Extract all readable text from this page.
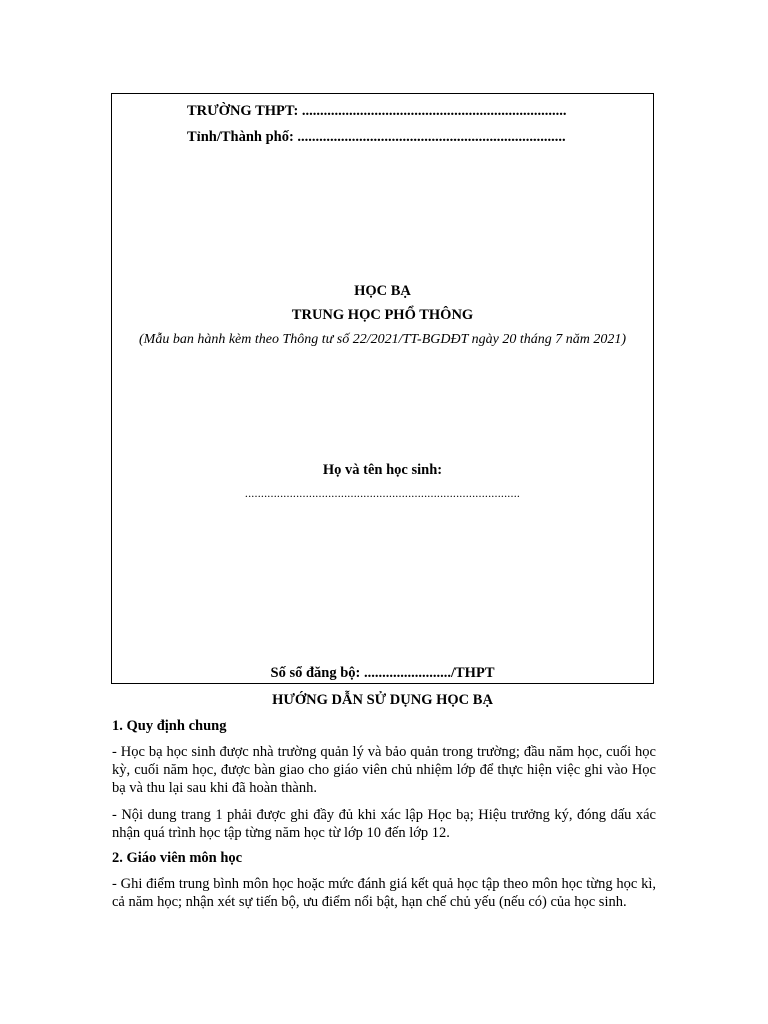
TRƯỜNG THPT: .........................................................................
Tỉnh/Thành phố: ..........................................................................
HỌC BẠ
TRUNG HỌC PHỔ THÔNG
(Mẫu ban hành kèm theo Thông tư số 22/2021/TT-BGDĐT ngày 20 tháng 7 năm 2021)
Họ và tên học sinh:
......................................................................................
Số sổ đăng bộ: ......................../THPT
HƯỚNG DẪN SỬ DỤNG HỌC BẠ
1. Quy định chung
- Học bạ học sinh được nhà trường quản lý và bảo quản trong trường; đầu năm học, cuối học kỳ, cuối năm học, được bàn giao cho giáo viên chủ nhiệm lớp để thực hiện việc ghi vào Học bạ và thu lại sau khi đã hoàn thành.
- Nội dung trang 1 phải được ghi đầy đủ khi xác lập Học bạ; Hiệu trưởng ký, đóng dấu xác nhận quá trình học tập từng năm học từ lớp 10 đến lớp 12.
2. Giáo viên môn học
- Ghi điểm trung bình môn học hoặc mức đánh giá kết quả học tập theo môn học từng học kì, cả năm học; nhận xét sự tiến bộ, ưu điểm nổi bật, hạn chế chủ yếu (nếu có) của học sinh.
